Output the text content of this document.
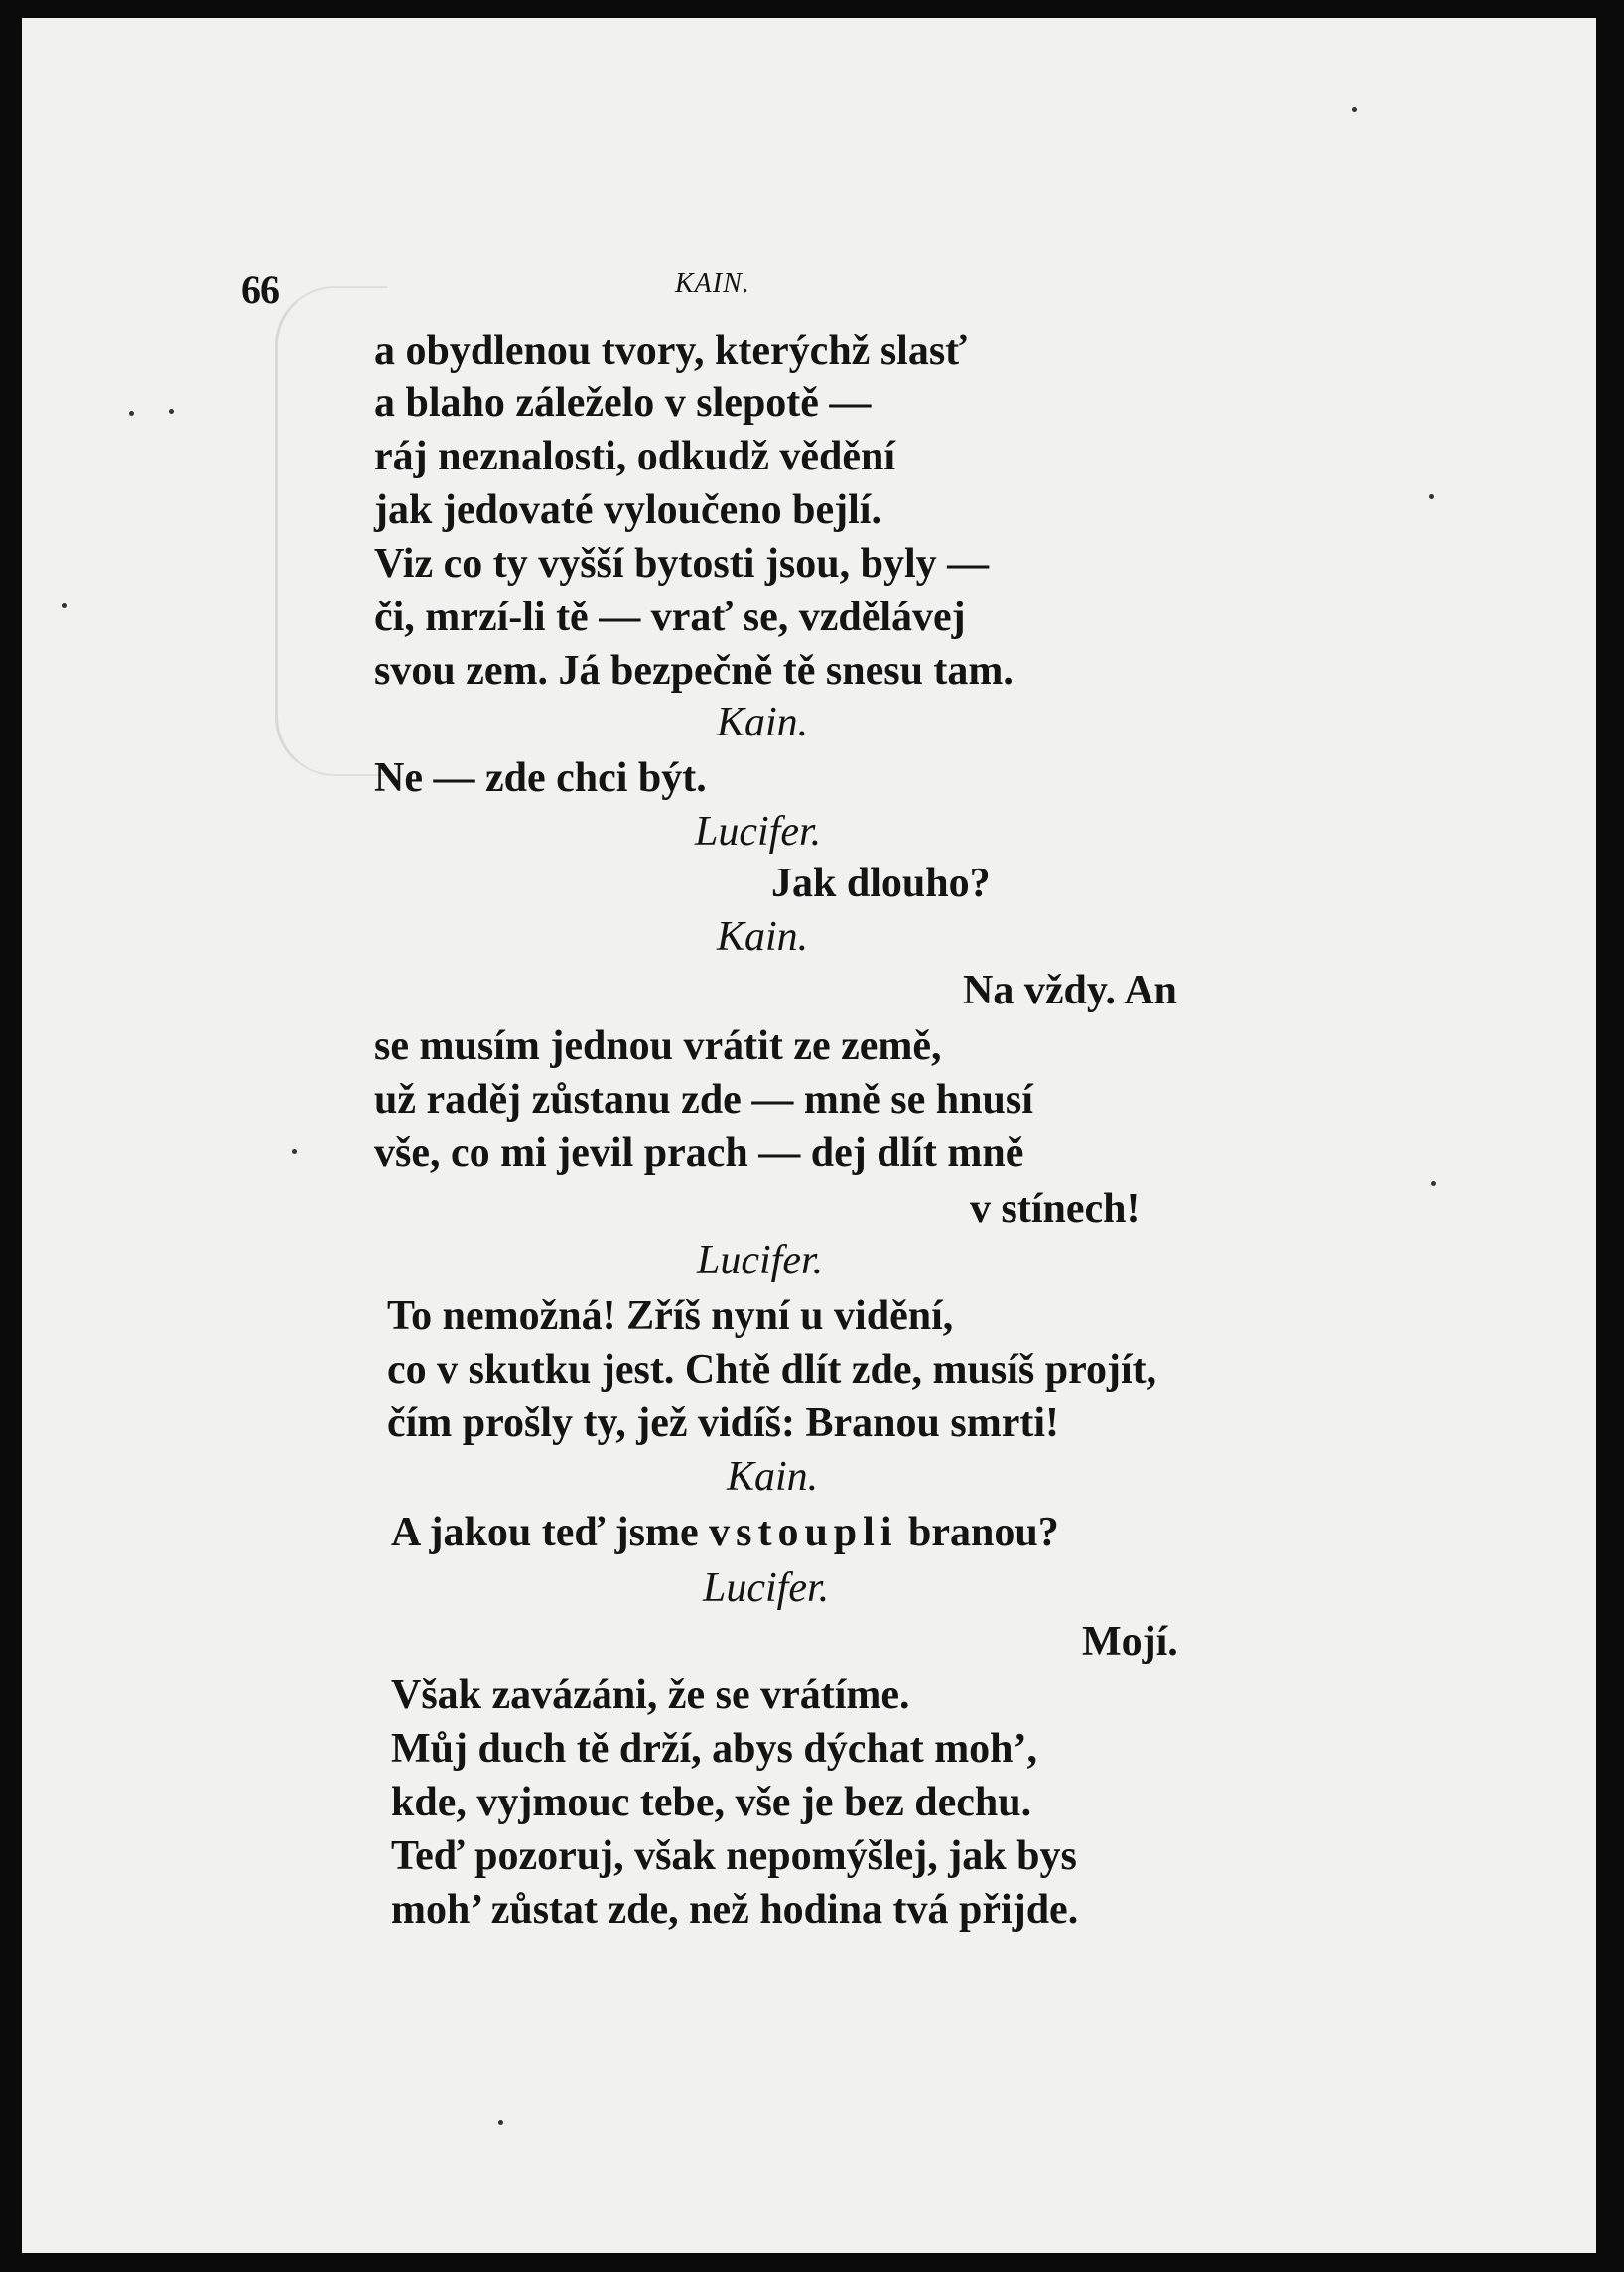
66	KAIN.
a obydlenou tvory, kterýchž slasť
a blaho záleželo v slepotě —
ráj neznalosti, odkudž vědění
jak jedovaté vyloučeno bejlí.
Viz co ty vyšší bytosti jsou, byly —
či, mrzí-li tě — vrať se, vzdělávej
svou zem. Já bezpečně tě snesu tam.
Kain.
Ne — zde chci být.
Lucifer.
Jak dlouho?
Kain.
Na vždy. An
se musím jednou vrátit ze země,
už raděj zůstanu zde — mně se hnusí
vše, co mi jevil prach — dej dlít mně
v stínech!
Lucifer.
To nemožná! Zříš nyní u vidění,
co v skutku jest. Chtě dlít zde, musíš projít,
čím prošly ty, jež vidíš: Branou smrti!
Kain.
A jakou teď jsme vstoupli branou?
Lucifer.
Mojí.
Však zavázáni, že se vrátíme.
Můj duch tě drží, abys dýchat moh’,
kde, vyjmouc tebe, vše je bez dechu.
Teď pozoruj, však nepomýšlej, jak bys
moh’ zůstat zde, než hodina tvá přijde.
